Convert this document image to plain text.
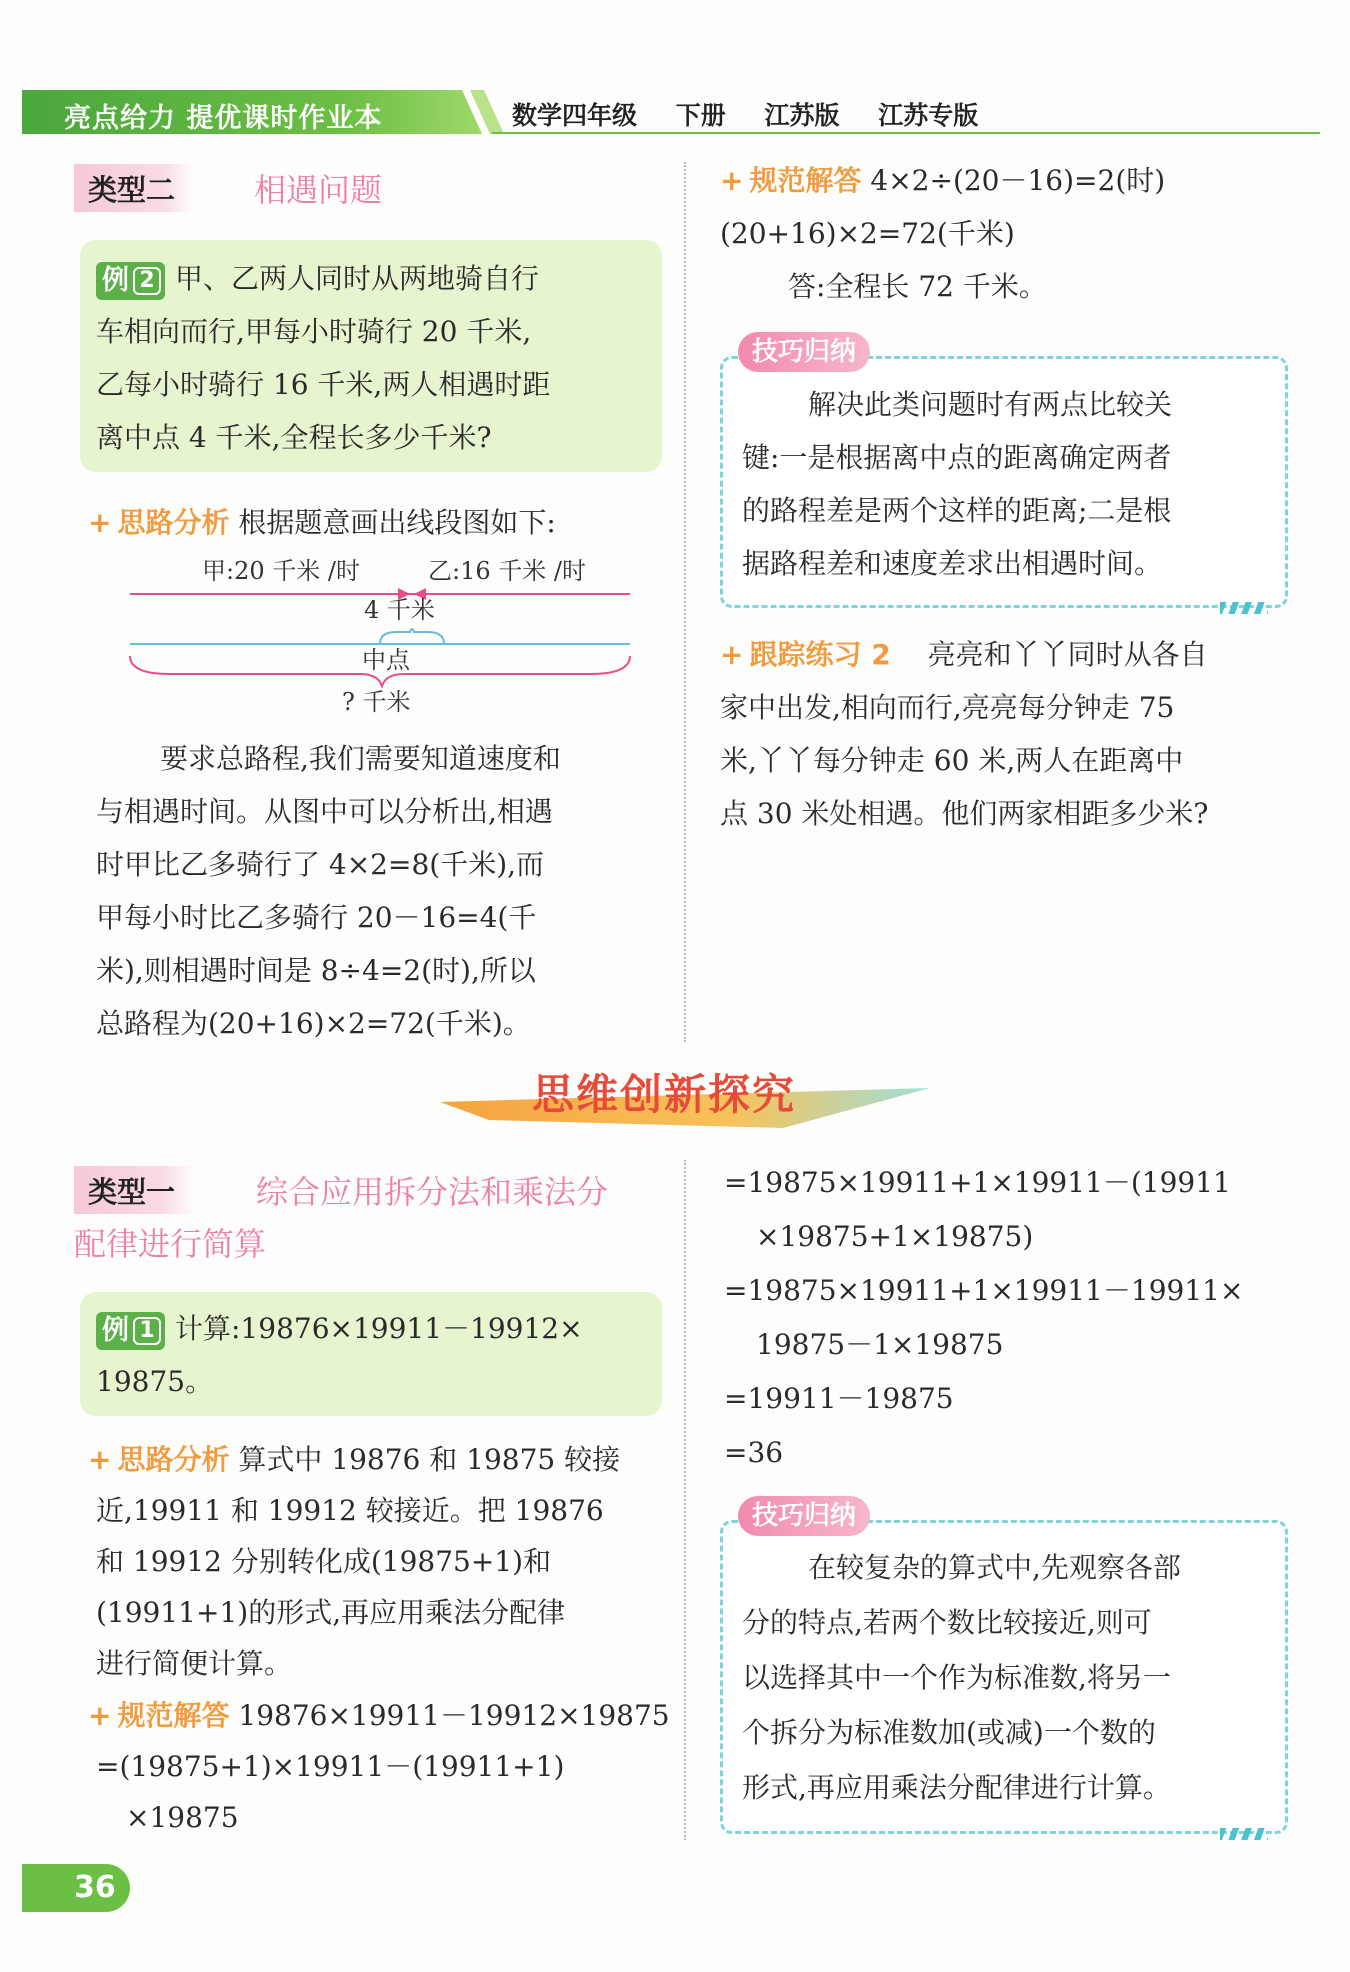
亮点给力 提优课时作业本	数学四年级 下册 江苏版 江苏专版
类型二	相遇问题
例 2 甲、乙两人同时从两地骑自行
车相向而行,甲每小时骑行 20 千米,
乙每小时骑行 16 千米,两人相遇时距
离中点 4 千米,全程长多少千米?
+ 思路分析 根据题意画出线段图如下:
甲:20 千米 /时	乙:16 千米 /时
4 千米
中点
? 千米
要求总路程,我们需要知道速度和
与相遇时间。从图中可以分析出,相遇
时甲比乙多骑行了 4×2=8(千米),而
甲每小时比乙多骑行 20－16=4(千
米),则相遇时间是 8÷4=2(时),所以
总路程为(20+16)×2=72(千米)。
+ 规范解答 4×2÷(20－16)=2(时)
(20+16)×2=72(千米)
答:全程长 72 千米。
技巧归纳
解决此类问题时有两点比较关
键:一是根据离中点的距离确定两者
的路程差是两个这样的距离;二是根
据路程差和速度差求出相遇时间。
+ 跟踪练习 2 亮亮和丫丫同时从各自
家中出发,相向而行,亮亮每分钟走 75
米,丫丫每分钟走 60 米,两人在距离中
点 30 米处相遇。他们两家相距多少米?
思维创新探究
类型一	综合应用拆分法和乘法分
配律进行简算
例 1 计算:19876×19911－19912×
19875。
+ 思路分析 算式中 19876 和 19875 较接
近,19911 和 19912 较接近。把 19876
和 19912 分别转化成(19875+1)和
(19911+1)的形式,再应用乘法分配律
进行简便计算。
+ 规范解答 19876×19911－19912×19875
=(19875+1)×19911－(19911+1)
×19875
=19875×19911+1×19911－(19911
×19875+1×19875)
=19875×19911+1×19911－19911×
19875－1×19875
=19911－19875
=36
技巧归纳
在较复杂的算式中,先观察各部
分的特点,若两个数比较接近,则可
以选择其中一个作为标准数,将另一
个拆分为标准数加(或减)一个数的
形式,再应用乘法分配律进行计算。
36
